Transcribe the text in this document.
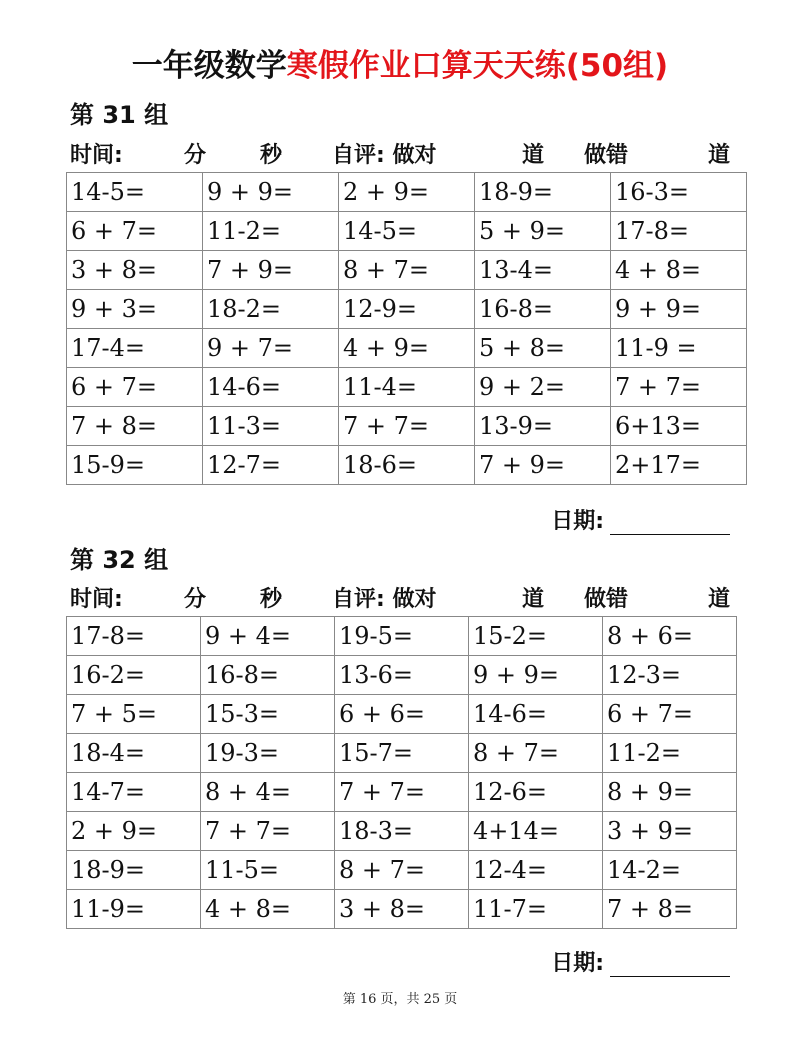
一年级数学寒假作业口算天天练(50组)
第 31 组
时间:	分 秒 自评: 做对	道 做错	道
14-5=	9 + 9=	2 + 9=	18-9=	16-3=
6 + 7=	11-2=	14-5=	5 + 9=	17-8=
3 + 8=	7 + 9=	8 + 7=	13-4=	4 + 8=
9 + 3=	18-2=	12-9=	16-8=	9 + 9=
17-4=	9 + 7=	4 + 9=	5 + 8=	11-9 =
6 + 7=	14-6=	11-4=	9 + 2=	7 + 7=
7 + 8=	11-3=	7 + 7=	13-9=	6+13=
15-9=	12-7=	18-6=	7 + 9=	2+17=
日期:
第 32 组
时间:	分 秒 自评: 做对	道 做错	道
17-8=	9 + 4=	19-5=	15-2=	8 + 6=
16-2=	16-8=	13-6=	9 + 9=	12-3=
7 + 5=	15-3=	6 + 6=	14-6=	6 + 7=
18-4=	19-3=	15-7=	8 + 7=	11-2=
14-7=	8 + 4=	7 + 7=	12-6=	8 + 9=
2 + 9=	7 + 7=	18-3=	4+14=	3 + 9=
18-9=	11-5=	8 + 7=	12-4=	14-2=
11-9=	4 + 8=	3 + 8=	11-7=	7 + 8=
日期:
第 16 页，共 25 页
